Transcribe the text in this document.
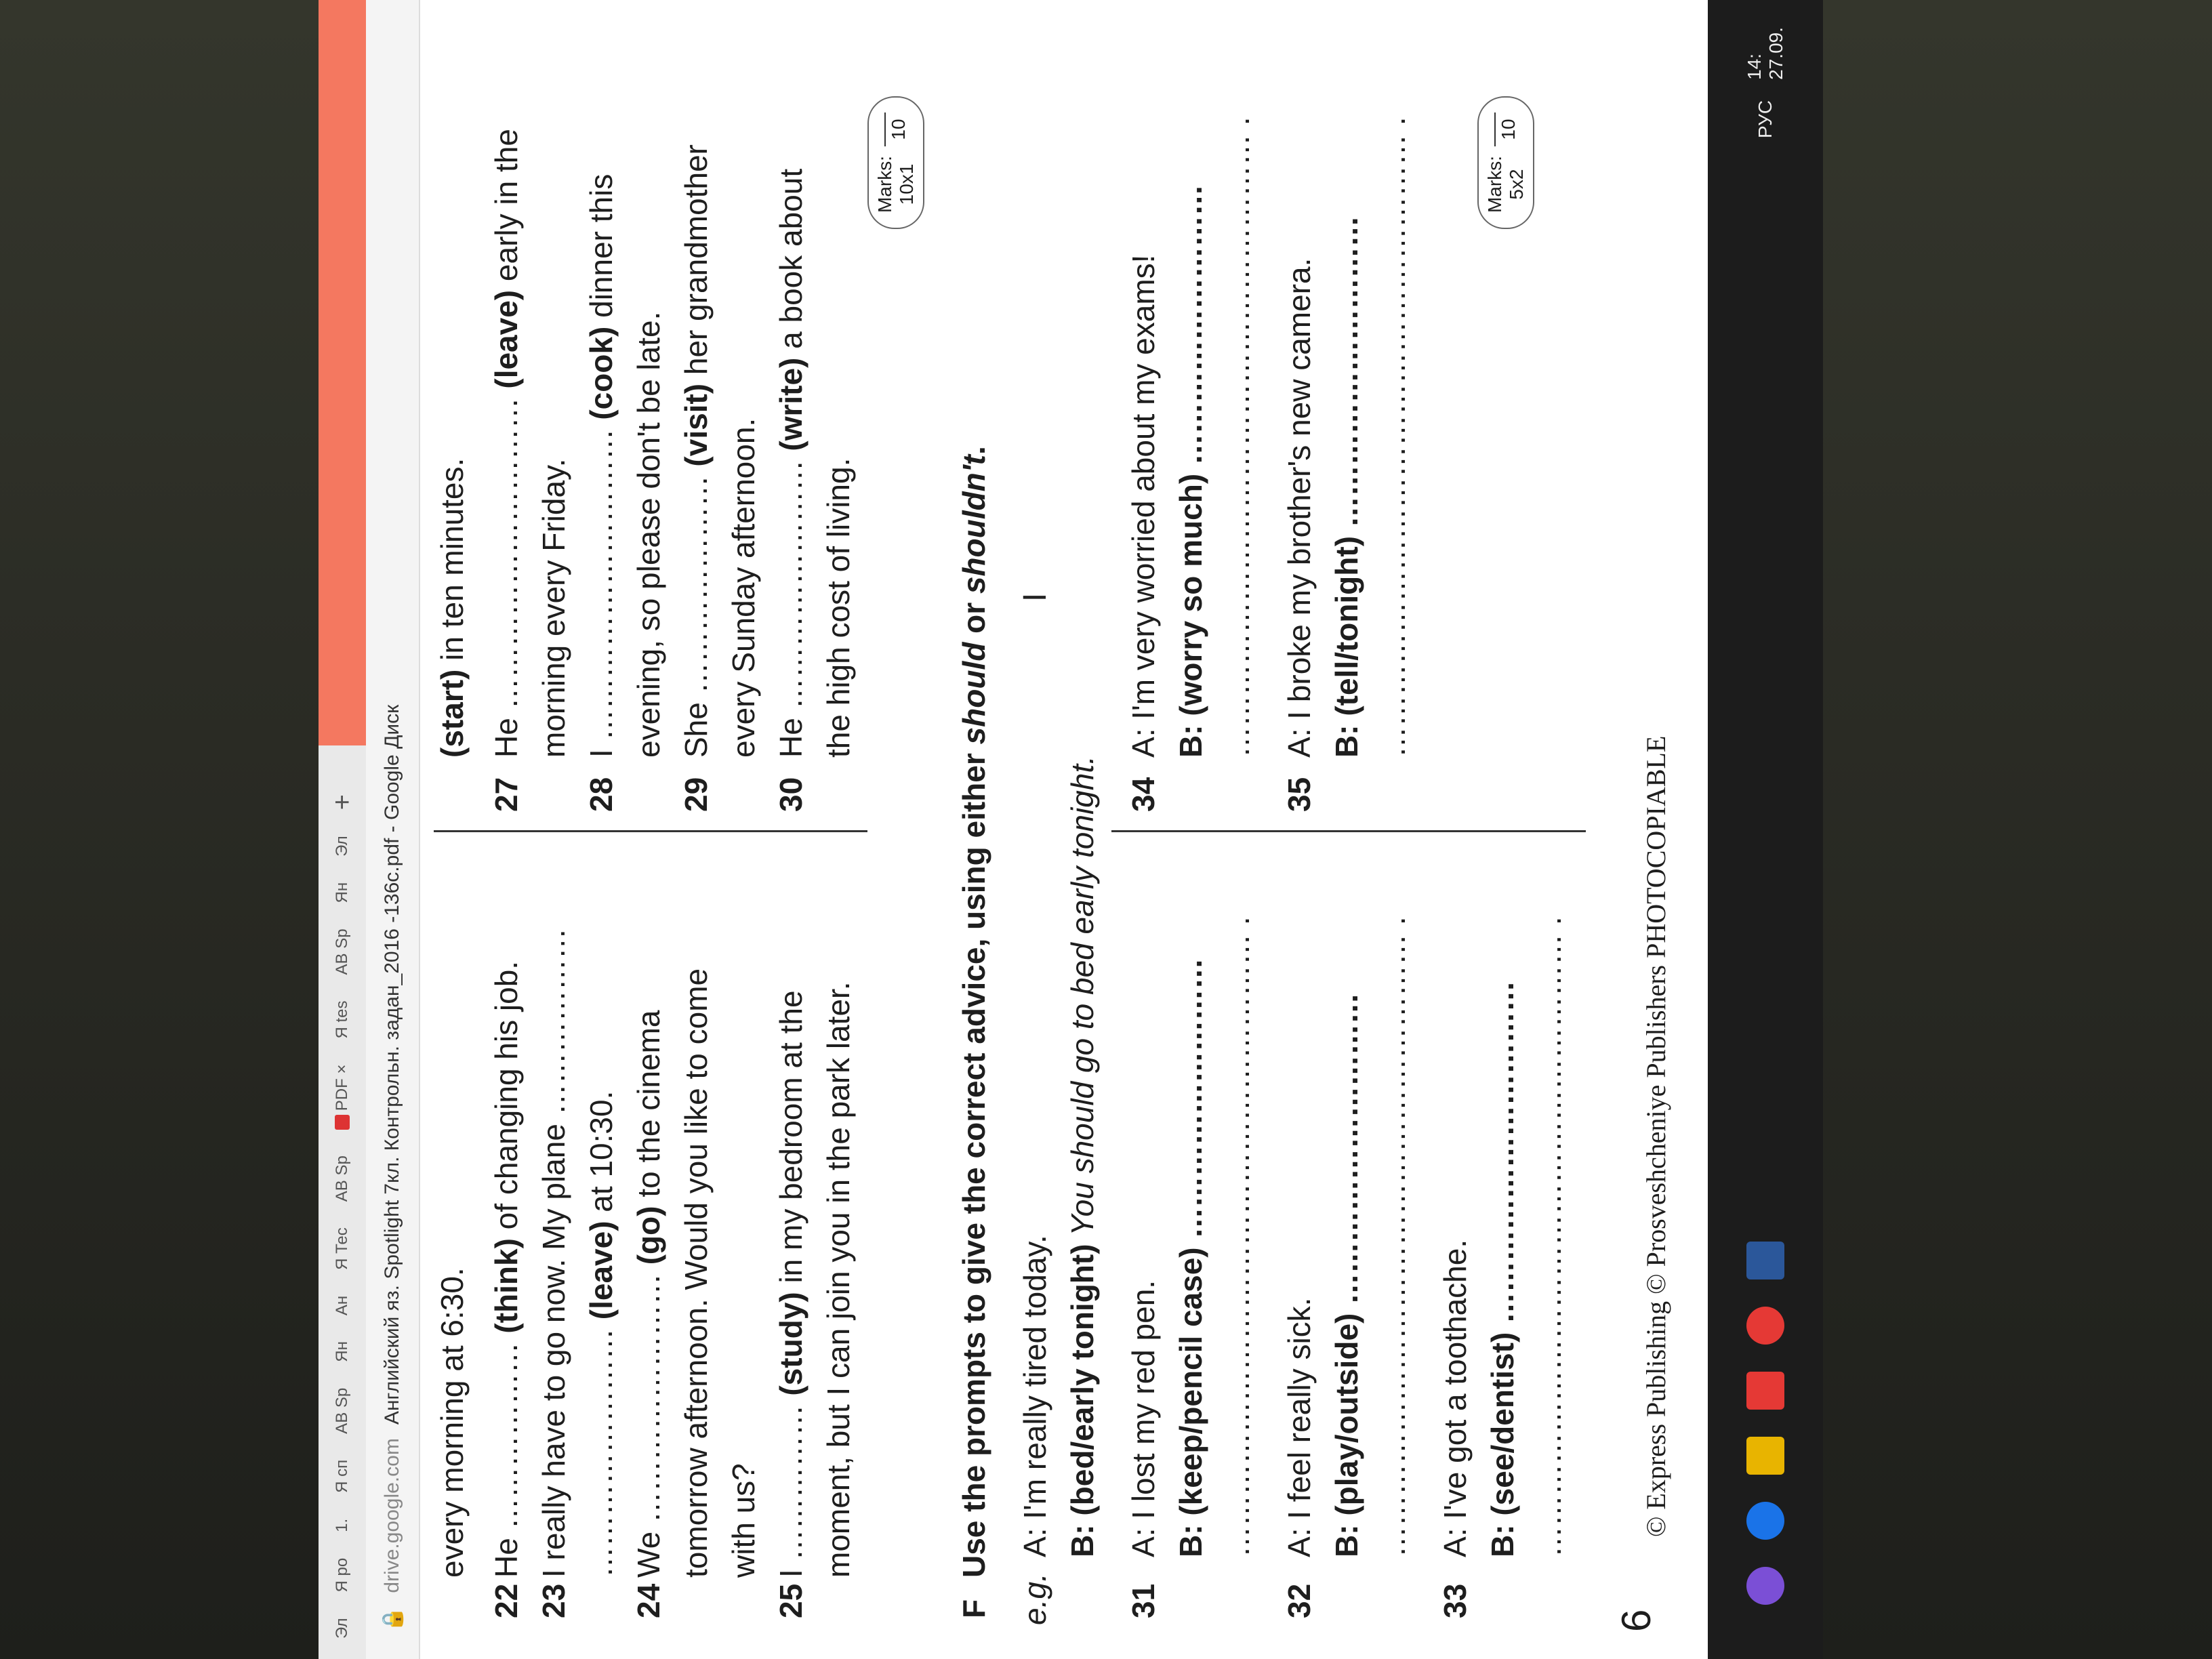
Эл
Я ро
1.
Я сп
AB Sp
Ян
Ан
Я Тес
AB Sp
PDF ×
Я tes
AB Sp
Ян
Эл
+
🔒
drive.google.com
Английский яз. Spotlight 7кл. Контрольн. задан_2016 -136с.pdf - Google Диск every morning at 6:30.
22
He ……………… (think) of changing his job.
23
I really have to go now. My plane ……………… …………………… (leave) at 10:30.
24
We …………………… (go) to the cinema tomorrow afternoon. Would you like to come with us?
25
I …………… (study) in my bedroom at the moment, but I can join you in the park later.
(start) in ten minutes.
27
He ………………………… (leave) early in the
morning every Friday.
28
I ………………………… (cook) dinner this
evening, so please don't be late.
29
She ………………… (visit) her grandmother
every Sunday afternoon.
30
He …………………… (write) a book about
the high cost of living.
Marks: 10x1
10
F
Use the prompts to give the correct advice, using either should or shouldn't.
e.g.
A: I'm really tired today. B: (bed/early tonight) You should go to bed early tonight.
31
A: I lost my red pen. B: (keep/pencil case) ……………………… …………………………………………………… .
32
A: I feel really sick. B: (play/outside) ………………………… …………………………………………………… .
33
A: I've got a toothache. B: (see/dentist) …………………………… …………………………………………………… .
34
A: I'm very worried about my exams! B: (worry so much) ……………………… …………………………………………………… .
35
A: I broke my brother's new camera. B: (tell/tonight) ………………………… …………………………………………………… .	Marks: 5x2
10
I
© Express Publishing © Prosveshcheniye Publishers PHOTOCOPIABLE
6
РУС
14: 27.09.
